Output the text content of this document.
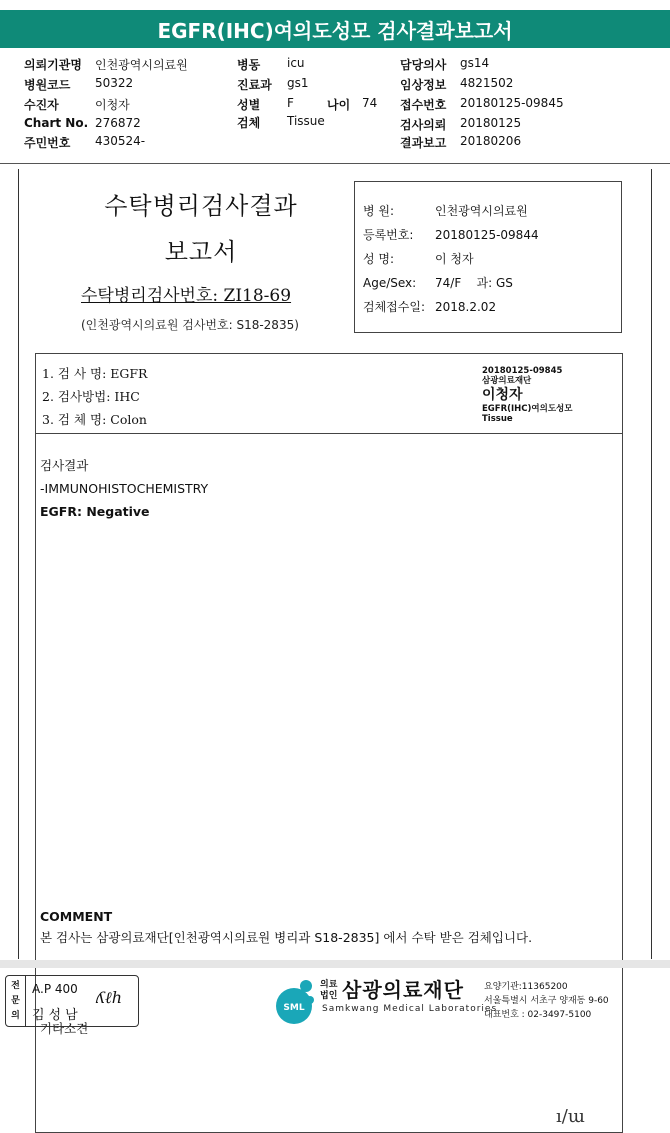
EGFR(IHC)여의도성모 검사결과보고서
의뢰기관명 인천광역시의료원
병원코드 50322
수진자	이청자
Chart No. 276872
주민번호 430524-
병동 icu
진료과 gs1
성별 F	나이 74
검체 Tissue
담당의사 gs14
임상정보 4821502
접수번호 20180125-09845
검사의뢰 20180125
결과보고 20180206
수탁병리검사결과
보고서
수탁병리검사번호: ZI18-69
(인천광역시의료원 검사번호: S18-2835)
병 원:	인천광역시의료원
등록번호: 20180125-09844
성 명:	이 청자
Age/Sex: 74/F 과: GS
검체접수일: 2018.2.02
1. 검 사 명: EGFR
2. 검사방법: IHC
3. 검 체 명: Colon
20180125-09845
삼광의료재단
이청자
EGFR(IHC)여의도성모
Tissue
검사결과
-IMMUNOHISTOCHEMISTRY
EGFR: Negative
COMMENT
본 검사는 삼광의료재단[인천광역시의료원 병리과 S18-2835] 에서 수탁 받은 검체입니다.
기타소견
ı/ɯ
전문의
A.P 400
김성남
ʎℓℎ
SML
의료
법인 삼광의료재단
Samkwang Medical Laboratories
요양기관:11365200
서울특별시 서초구 양재동 9-60
대표번호 : 02-3497-5100
